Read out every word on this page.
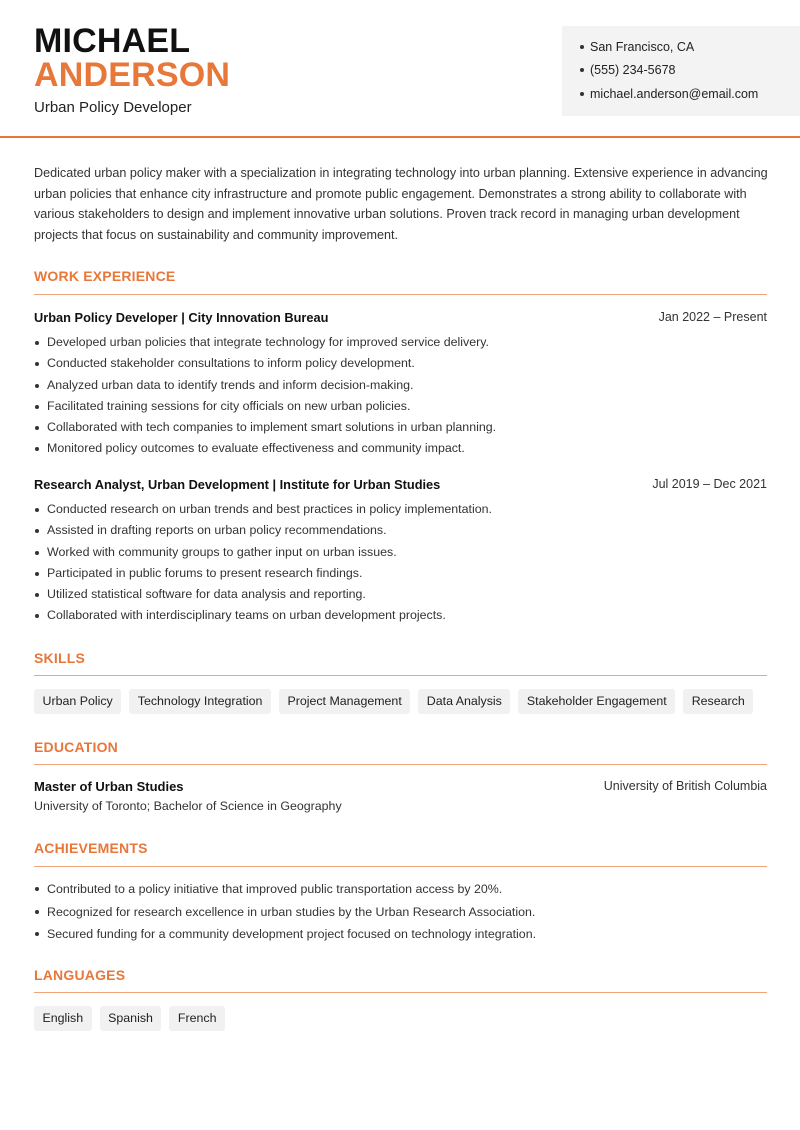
MICHAEL
ANDERSON
Urban Policy Developer
San Francisco, CA
(555) 234-5678
michael.anderson@email.com

Dedicated urban policy maker with a specialization in integrating technology into urban planning. Extensive experience in advancing urban policies that enhance city infrastructure and promote public engagement. Demonstrates a strong ability to collaborate with various stakeholders to design and implement innovative urban solutions. Proven track record in managing urban development projects that focus on sustainability and community improvement.

WORK EXPERIENCE
Urban Policy Developer | City Innovation Bureau	Jan 2022 – Present
Developed urban policies that integrate technology for improved service delivery.
Conducted stakeholder consultations to inform policy development.
Analyzed urban data to identify trends and inform decision-making.
Facilitated training sessions for city officials on new urban policies.
Collaborated with tech companies to implement smart solutions in urban planning.
Monitored policy outcomes to evaluate effectiveness and community impact.
Research Analyst, Urban Development | Institute for Urban Studies	Jul 2019 – Dec 2021
Conducted research on urban trends and best practices in policy implementation.
Assisted in drafting reports on urban policy recommendations.
Worked with community groups to gather input on urban issues.
Participated in public forums to present research findings.
Utilized statistical software for data analysis and reporting.
Collaborated with interdisciplinary teams on urban development projects.
SKILLS
Urban Policy	Technology Integration	Project Management	Data Analysis	Stakeholder Engagement	Research
EDUCATION
Master of Urban Studies	University of British Columbia
University of Toronto; Bachelor of Science in Geography
ACHIEVEMENTS
Contributed to a policy initiative that improved public transportation access by 20%.
Recognized for research excellence in urban studies by the Urban Research Association.
Secured funding for a community development project focused on technology integration.
LANGUAGES
English	Spanish	French
